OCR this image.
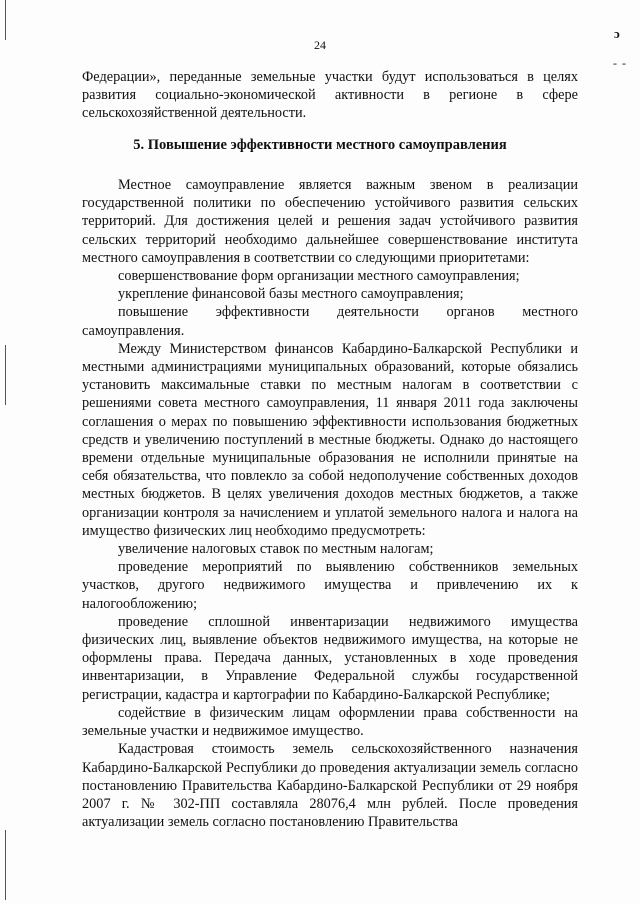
24
ɔ
- -

Федерации», переданные земельные участки будут использоваться в целях развития социально-экономической активности в регионе в сфере сельскохозяйственной деятельности.

5. Повышение эффективности местного самоуправления

Местное самоуправление является важным звеном в реализации государственной политики по обеспечению устойчивого развития сельских территорий. Для достижения целей и решения задач устойчивого развития сельских территорий необходимо дальнейшее совершенствование института местного самоуправления в соответствии со следующими приоритетами:

совершенствование форм организации местного самоуправления;

укрепление финансовой базы местного самоуправления;

повышение эффективности деятельности органов местного самоуправления.

Между Министерством финансов Кабардино-Балкарской Республики и местными администрациями муниципальных образований, которые обязались установить максимальные ставки по местным налогам в соответствии с решениями совета местного самоуправления, 11 января 2011 года заключены соглашения о мерах по повышению эффективности использования бюджетных средств и увеличению поступлений в местные бюджеты. Однако до настоящего времени отдельные муниципальные образования не исполнили принятые на себя обязательства, что повлекло за собой недополучение собственных доходов местных бюджетов. В целях увеличения доходов местных бюджетов, а также организации контроля за начислением и уплатой земельного налога и налога на имущество физических лиц необходимо предусмотреть:

увеличение налоговых ставок по местным налогам;

проведение мероприятий по выявлению собственников земельных участков, другого недвижимого имущества и привлечению их к налогообложению;

проведение сплошной инвентаризации недвижимого имущества физических лиц, выявление объектов недвижимого имущества, на которые не оформлены права. Передача данных, установленных в ходе проведения инвентаризации, в Управление Федеральной службы государственной регистрации, кадастра и картографии по Кабардино-Балкарской Республике;

содействие в физическим лицам оформлении права собственности на земельные участки и недвижимое имущество.

Кадастровая стоимость земель сельскохозяйственного назначения Кабардино-Балкарской Республики до проведения актуализации земель согласно постановлению Правительства Кабардино-Балкарской Республики от 29 ноября 2007 г. № 302-ПП составляла 28076,4 млн рублей. После проведения актуализации земель согласно постановлению Правительства
